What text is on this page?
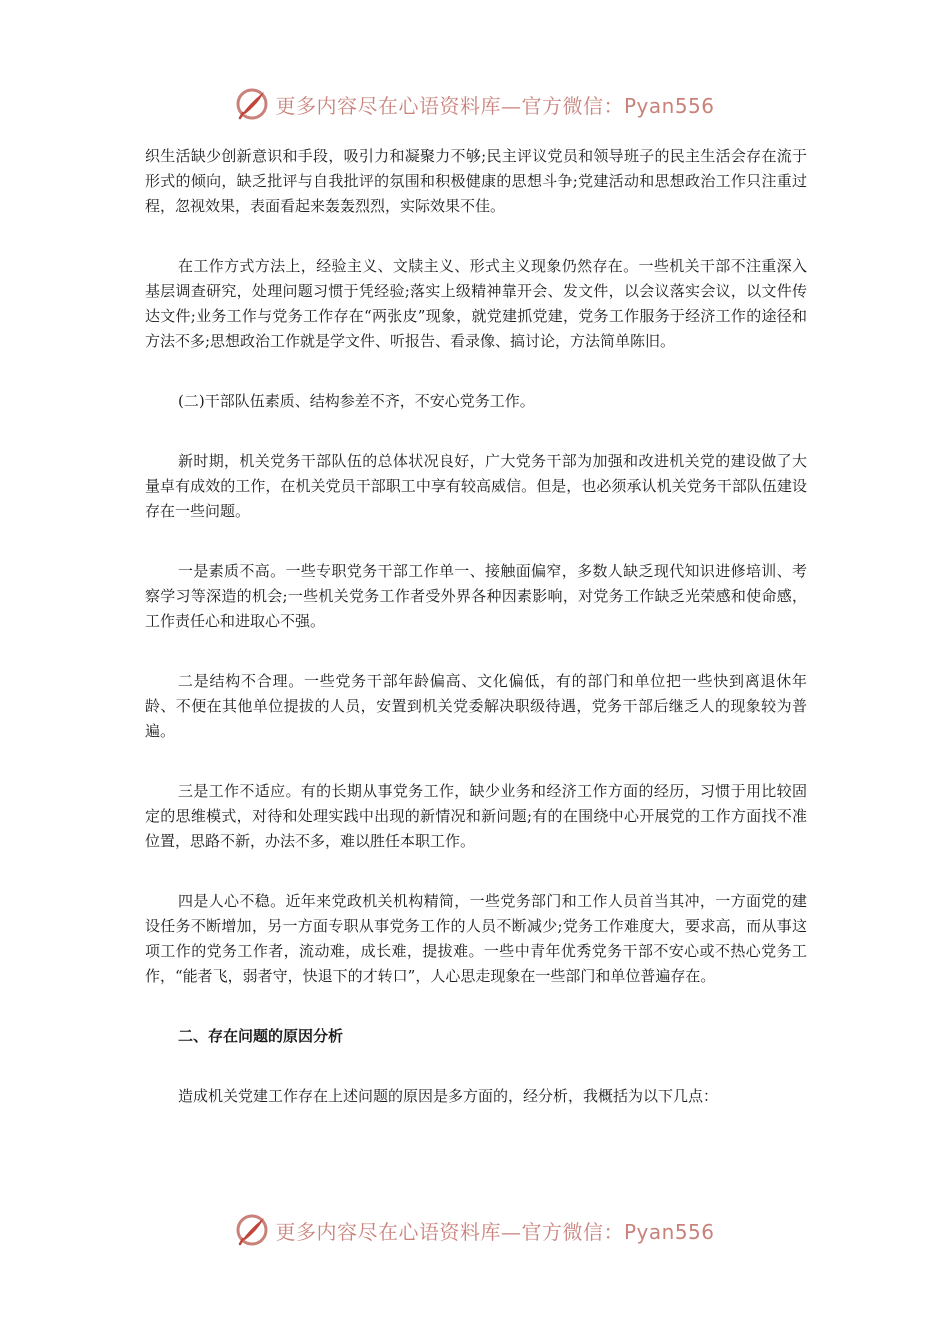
更多内容尽在心语资料库—官方微信：Pyan556

织生活缺少创新意识和手段，吸引力和凝聚力不够;民主评议党员和领导班子的民主生活会存在流于形式的倾向，缺乏批评与自我批评的氛围和积极健康的思想斗争;党建活动和思想政治工作只注重过程，忽视效果，表面看起来轰轰烈烈，实际效果不佳。

在工作方式方法上，经验主义、文牍主义、形式主义现象仍然存在。一些机关干部不注重深入基层调查研究，处理问题习惯于凭经验;落实上级精神靠开会、发文件，以会议落实会议，以文件传达文件;业务工作与党务工作存在“两张皮”现象，就党建抓党建，党务工作服务于经济工作的途径和方法不多;思想政治工作就是学文件、听报告、看录像、搞讨论，方法简单陈旧。

(二)干部队伍素质、结构参差不齐，不安心党务工作。

新时期，机关党务干部队伍的总体状况良好，广大党务干部为加强和改进机关党的建设做了大量卓有成效的工作，在机关党员干部职工中享有较高威信。但是，也必须承认机关党务干部队伍建设存在一些问题。

一是素质不高。一些专职党务干部工作单一、接触面偏窄，多数人缺乏现代知识进修培训、考察学习等深造的机会;一些机关党务工作者受外界各种因素影响，对党务工作缺乏光荣感和使命感，工作责任心和进取心不强。

二是结构不合理。一些党务干部年龄偏高、文化偏低，有的部门和单位把一些快到离退休年龄、不便在其他单位提拔的人员，安置到机关党委解决职级待遇，党务干部后继乏人的现象较为普遍。

三是工作不适应。有的长期从事党务工作，缺少业务和经济工作方面的经历，习惯于用比较固定的思维模式，对待和处理实践中出现的新情况和新问题;有的在围绕中心开展党的工作方面找不准位置，思路不新，办法不多，难以胜任本职工作。

四是人心不稳。近年来党政机关机构精简，一些党务部门和工作人员首当其冲，一方面党的建设任务不断增加，另一方面专职从事党务工作的人员不断减少;党务工作难度大，要求高，而从事这项工作的党务工作者，流动难，成长难，提拔难。一些中青年优秀党务干部不安心或不热心党务工作，“能者飞，弱者守，快退下的才转口”，人心思走现象在一些部门和单位普遍存在。

二、存在问题的原因分析

造成机关党建工作存在上述问题的原因是多方面的，经分析，我概括为以下几点：

更多内容尽在心语资料库—官方微信：Pyan556
